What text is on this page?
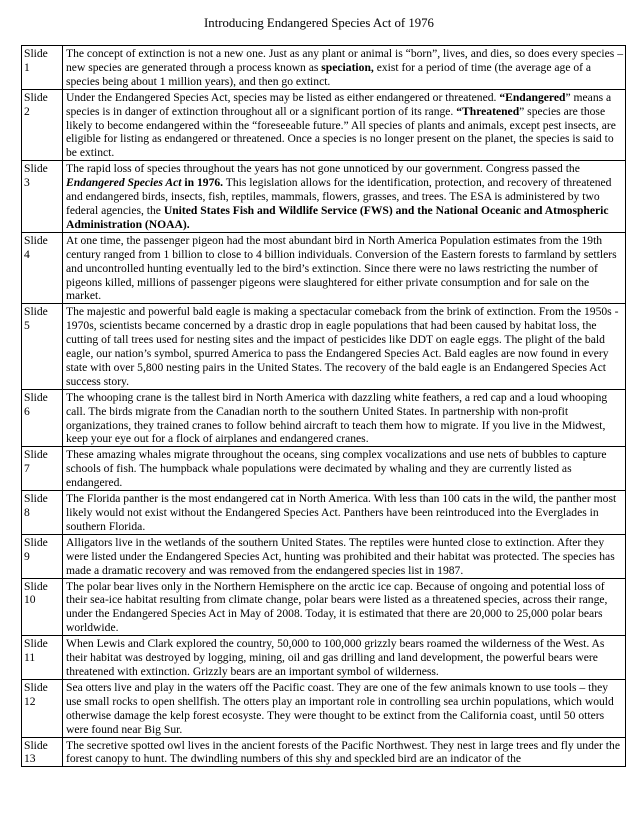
Introducing Endangered Species Act of 1976
Slide
1	The concept of extinction is not a new one. Just as any plant or animal is “born”, lives, and dies, so does every species – new species are generated through a process known as speciation, exist for a period of time (the average age of a species being about 1 million years), and then go extinct.

Slide
2	Under the Endangered Species Act, species may be listed as either endangered or threatened. “Endangered” means a species is in danger of extinction throughout all or a significant portion of its range. “Threatened” species are those likely to become endangered within the “foreseeable future.” All species of plants and animals, except pest insects, are eligible for listing as endangered or threatened. Once a species is no longer present on the planet, the species is said to be extinct.

Slide
3	The rapid loss of species throughout the years has not gone unnoticed by our government. Congress passed the Endangered Species Act in 1976. This legislation allows for the identification, protection, and recovery of threatened and endangered birds, insects, fish, reptiles, mammals, flowers, grasses, and trees. The ESA is administered by two federal agencies, the United States Fish and Wildlife Service (FWS) and the National Oceanic and Atmospheric Administration (NOAA).

Slide
4	At one time, the passenger pigeon had the most abundant bird in North America Population estimates from the 19th century ranged from 1 billion to close to 4 billion individuals. Conversion of the Eastern forests to farmland by settlers and uncontrolled hunting eventually led to the bird’s extinction. Since there were no laws restricting the number of pigeons killed, millions of passenger pigeons were slaughtered for either private consumption and for sale on the market.

Slide
5	The majestic and powerful bald eagle is making a spectacular comeback from the brink of extinction. From the 1950s - 1970s, scientists became concerned by a drastic drop in eagle populations that had been caused by habitat loss, the cutting of tall trees used for nesting sites and the impact of pesticides like DDT on eagle eggs. The plight of the bald eagle, our nation’s symbol, spurred America to pass the Endangered Species Act. Bald eagles are now found in every state with over 5,800 nesting pairs in the United States. The recovery of the bald eagle is an Endangered Species Act success story.

Slide
6	The whooping crane is the tallest bird in North America with dazzling white feathers, a red cap and a loud whooping call. The birds migrate from the Canadian north to the southern United States. In partnership with non-profit organizations, they trained cranes to follow behind aircraft to teach them how to migrate. If you live in the Midwest, keep your eye out for a flock of airplanes and endangered cranes.

Slide
7	These amazing whales migrate throughout the oceans, sing complex vocalizations and use nets of bubbles to capture schools of fish. The humpback whale populations were decimated by whaling and they are currently listed as endangered.

Slide
8	The Florida panther is the most endangered cat in North America. With less than 100 cats in the wild, the panther most likely would not exist without the Endangered Species Act. Panthers have been reintroduced into the Everglades in southern Florida.

Slide
9	Alligators live in the wetlands of the southern United States. The reptiles were hunted close to extinction. After they were listed under the Endangered Species Act, hunting was prohibited and their habitat was protected. The species has made a dramatic recovery and was removed from the endangered species list in 1987.

Slide
10	The polar bear lives only in the Northern Hemisphere on the arctic ice cap. Because of ongoing and potential loss of their sea-ice habitat resulting from climate change, polar bears were listed as a threatened species, across their range, under the Endangered Species Act in May of 2008. Today, it is estimated that there are 20,000 to 25,000 polar bears worldwide.

Slide
11	When Lewis and Clark explored the country, 50,000 to 100,000 grizzly bears roamed the wilderness of the West. As their habitat was destroyed by logging, mining, oil and gas drilling and land development, the powerful bears were threatened with extinction. Grizzly bears are an important symbol of wilderness.

Slide
12	Sea otters live and play in the waters off the Pacific coast. They are one of the few animals known to use tools – they use small rocks to open shellfish. The otters play an important role in controlling sea urchin populations, which would otherwise damage the kelp forest ecosyste. They were thought to be extinct from the California coast, until 50 otters were found near Big Sur.

Slide
13	The secretive spotted owl lives in the ancient forests of the Pacific Northwest. They nest in large trees and fly under the forest canopy to hunt. The dwindling numbers of this shy and speckled bird are an indicator of the
